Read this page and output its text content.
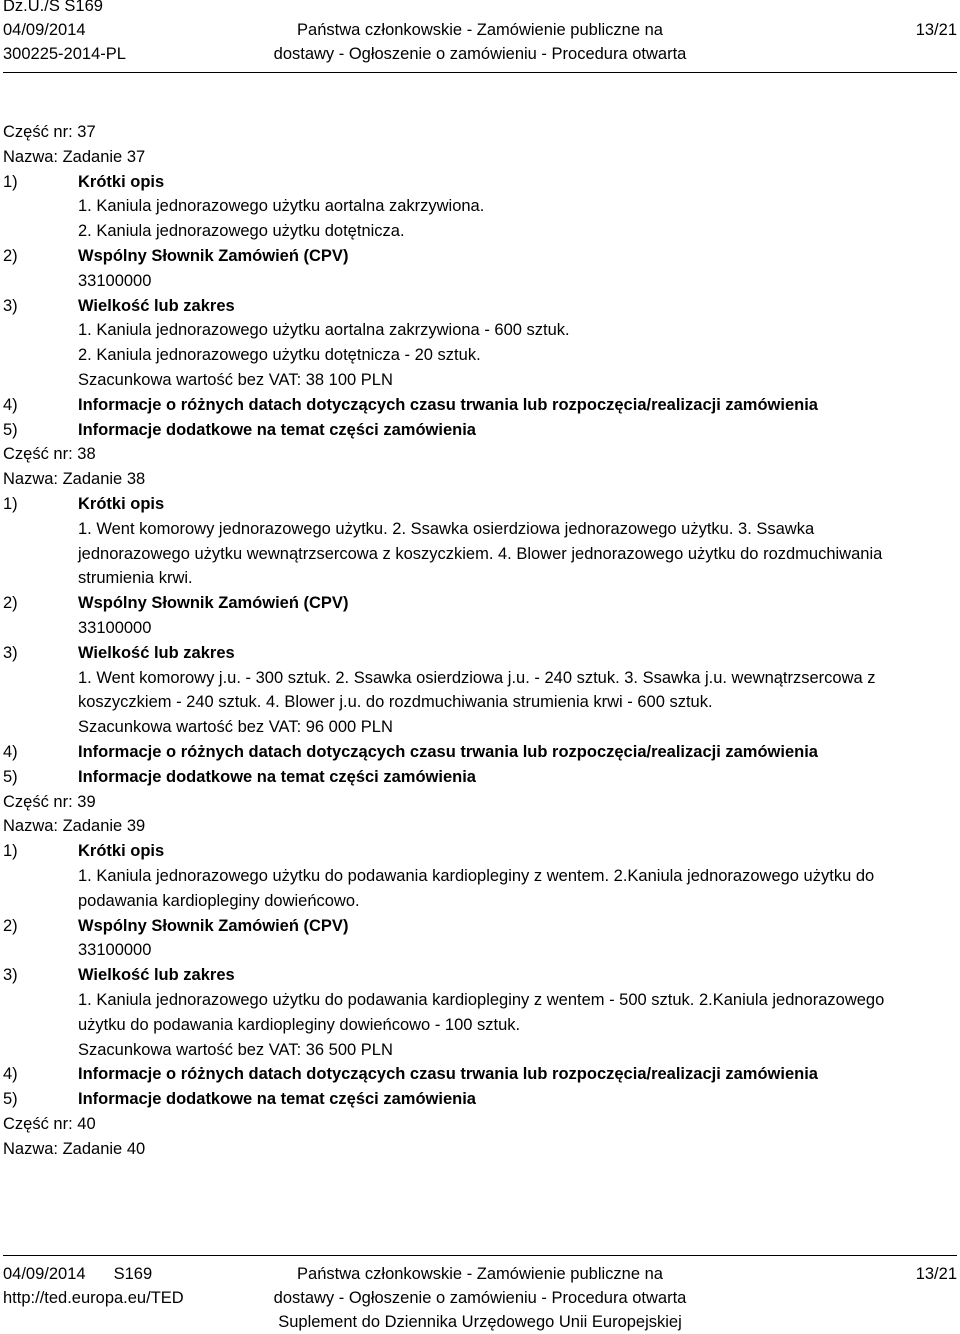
Dz.U./S S169
04/09/2014
300225-2014-PL
Państwa członkowskie - Zamówienie publiczne na
dostawy - Ogłoszenie o zamówieniu - Procedura otwarta
13/21
Część nr: 37
Nazwa: Zadanie 37
1)	Krótki opis
1. Kaniula jednorazowego użytku aortalna zakrzywiona.
2. Kaniula jednorazowego użytku dotętnicza.
2)	Wspólny Słownik Zamówień (CPV)
33100000
3)	Wielkość lub zakres
1. Kaniula jednorazowego użytku aortalna zakrzywiona - 600 sztuk.
2. Kaniula jednorazowego użytku dotętnicza - 20 sztuk.
Szacunkowa wartość bez VAT: 38 100 PLN
4)	Informacje o różnych datach dotyczących czasu trwania lub rozpoczęcia/realizacji zamówienia
5)	Informacje dodatkowe na temat części zamówienia
Część nr: 38
Nazwa: Zadanie 38
1)	Krótki opis
1. Went komorowy jednorazowego użytku. 2. Ssawka osierdziowa jednorazowego użytku. 3. Ssawka
jednorazowego użytku wewnątrzsercowa z koszyczkiem. 4. Blower jednorazowego użytku do rozdmuchiwania
strumienia krwi.
2)	Wspólny Słownik Zamówień (CPV)
33100000
3)	Wielkość lub zakres
1. Went komorowy j.u. - 300 sztuk. 2. Ssawka osierdziowa j.u. - 240 sztuk. 3. Ssawka j.u. wewnątrzsercowa z
koszyczkiem - 240 sztuk. 4. Blower j.u. do rozdmuchiwania strumienia krwi - 600 sztuk.
Szacunkowa wartość bez VAT: 96 000 PLN
4)	Informacje o różnych datach dotyczących czasu trwania lub rozpoczęcia/realizacji zamówienia
5)	Informacje dodatkowe na temat części zamówienia
Część nr: 39
Nazwa: Zadanie 39
1)	Krótki opis
1. Kaniula jednorazowego użytku do podawania kardiopleginy z wentem. 2.Kaniula jednorazowego użytku do
podawania kardiopleginy dowieńcowo.
2)	Wspólny Słownik Zamówień (CPV)
33100000
3)	Wielkość lub zakres
1. Kaniula jednorazowego użytku do podawania kardiopleginy z wentem - 500 sztuk. 2.Kaniula jednorazowego
użytku do podawania kardiopleginy dowieńcowo - 100 sztuk.
Szacunkowa wartość bez VAT: 36 500 PLN
4)	Informacje o różnych datach dotyczących czasu trwania lub rozpoczęcia/realizacji zamówienia
5)	Informacje dodatkowe na temat części zamówienia
Część nr: 40
Nazwa: Zadanie 40
04/09/2014 S169
http://ted.europa.eu/TED
Państwa członkowskie - Zamówienie publiczne na
dostawy - Ogłoszenie o zamówieniu - Procedura otwarta
Suplement do Dziennika Urzędowego Unii Europejskiej
13/21
